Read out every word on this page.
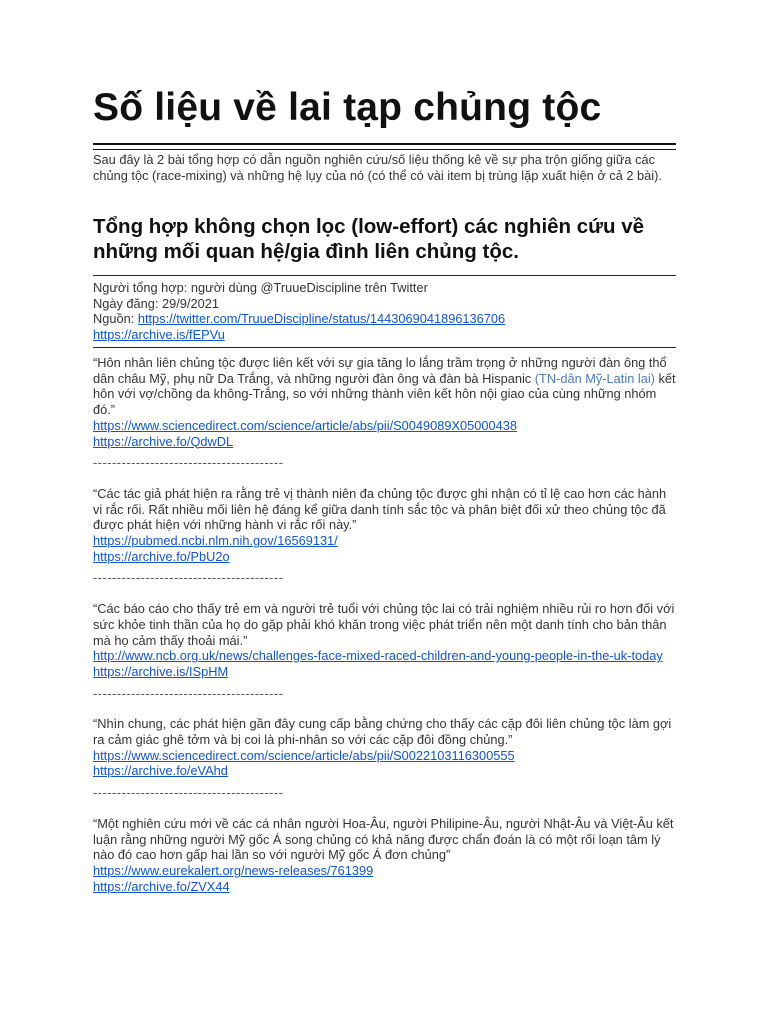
Số liệu về lai tạp chủng tộc
Sau đây là 2 bài tổng hợp có dẫn nguồn nghiên cứu/số liệu thống kê về sự pha trộn giống giữa các chủng tộc (race-mixing) và những hệ lụy của nó (có thể có vài item bị trùng lặp xuất hiện ở cả 2 bài).
Tổng hợp không chọn lọc (low-effort) các nghiên cứu về những mối quan hệ/gia đình liên chủng tộc.
Người tổng hợp: người dùng @TruueDiscipline trên Twitter
Ngày đăng: 29/9/2021
Nguồn: https://twitter.com/TruueDiscipline/status/1443069041896136706
https://archive.is/fEPVu
“Hôn nhân liên chủng tộc được liên kết với sự gia tăng lo lắng trầm trọng ở những người đàn ông thổ dân châu Mỹ, phụ nữ Da Trắng, và những người đàn ông và đàn bà Hispanic (TN-dân Mỹ-Latin lai) kết hôn với vợ/chồng da không-Trắng, so với những thành viên kết hôn nội giao của cùng những nhóm đó.”
https://www.sciencedirect.com/science/article/abs/pii/S0049089X05000438
https://archive.fo/QdwDL
----------------------------------------
“Các tác giả phát hiện ra rằng trẻ vị thành niên đa chủng tộc được ghi nhận có tỉ lệ cao hơn các hành vi rắc rối. Rất nhiều mối liên hệ đáng kể giữa danh tính sắc tộc và phân biệt đối xử theo chủng tộc đã được phát hiện với những hành vi rắc rối này.”
https://pubmed.ncbi.nlm.nih.gov/16569131/
https://archive.fo/PbU2o
----------------------------------------
“Các báo cáo cho thấy trẻ em và người trẻ tuổi với chủng tộc lai có trải nghiệm nhiều rủi ro hơn đối với sức khỏe tinh thần của họ do gặp phải khó khăn trong việc phát triển nên một danh tính cho bản thân mà họ cảm thấy thoải mái.”
http://www.ncb.org.uk/news/challenges-face-mixed-raced-children-and-young-people-in-the-uk-today
https://archive.is/ISpHM
----------------------------------------
“Nhìn chung, các phát hiện gần đây cung cấp bằng chứng cho thấy các cặp đôi liên chủng tộc làm gợi ra cảm giác ghê tởm và bị coi là phi-nhân so với các cặp đôi đồng chủng.”
https://www.sciencedirect.com/science/article/abs/pii/S0022103116300555
https://archive.fo/eVAhd
----------------------------------------
“Một nghiên cứu mới về các cá nhân người Hoa-Âu, người Philipine-Âu, người Nhật-Âu và Việt-Âu kết luận rằng những người Mỹ gốc Á song chủng có khả năng được chẩn đoán là có một rối loạn tâm lý nào đó cao hơn gấp hai lần so với người Mỹ gốc Á đơn chủng”
https://www.eurekalert.org/news-releases/761399
https://archive.fo/ZVX44
